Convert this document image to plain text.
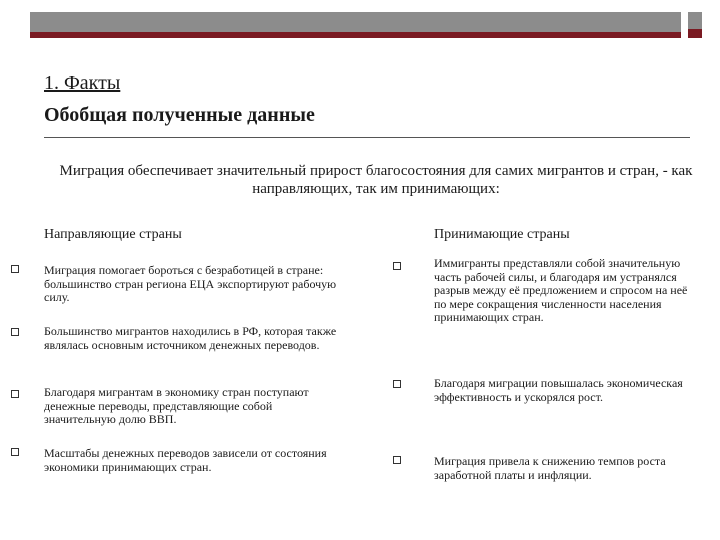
1. Факты
Обобщая полученные данные
Миграция обеспечивает значительный прирост благосостояния для самих мигрантов и стран, - как направляющих, так им принимающих:
Направляющие страны	Принимающие страны
Миграция помогает бороться с безработицей в стране: большинство стран региона ЕЦА экспортируют рабочую силу.
Большинство мигрантов находились в РФ, которая также являлась основным источником денежных переводов.
Благодаря мигрантам в экономику стран поступают денежные переводы, представляющие собой значительную долю ВВП.
Масштабы денежных переводов зависели от состояния экономики принимающих стран.
Иммигранты представляли собой значительную часть рабочей силы, и благодаря им устранялся разрыв между её предложением и спросом на неё по мере сокращения численности населения принимающих стран.
Благодаря миграции повышалась экономическая эффективность и ускорялся рост.
Миграция привела к снижению темпов роста заработной платы и инфляции.
